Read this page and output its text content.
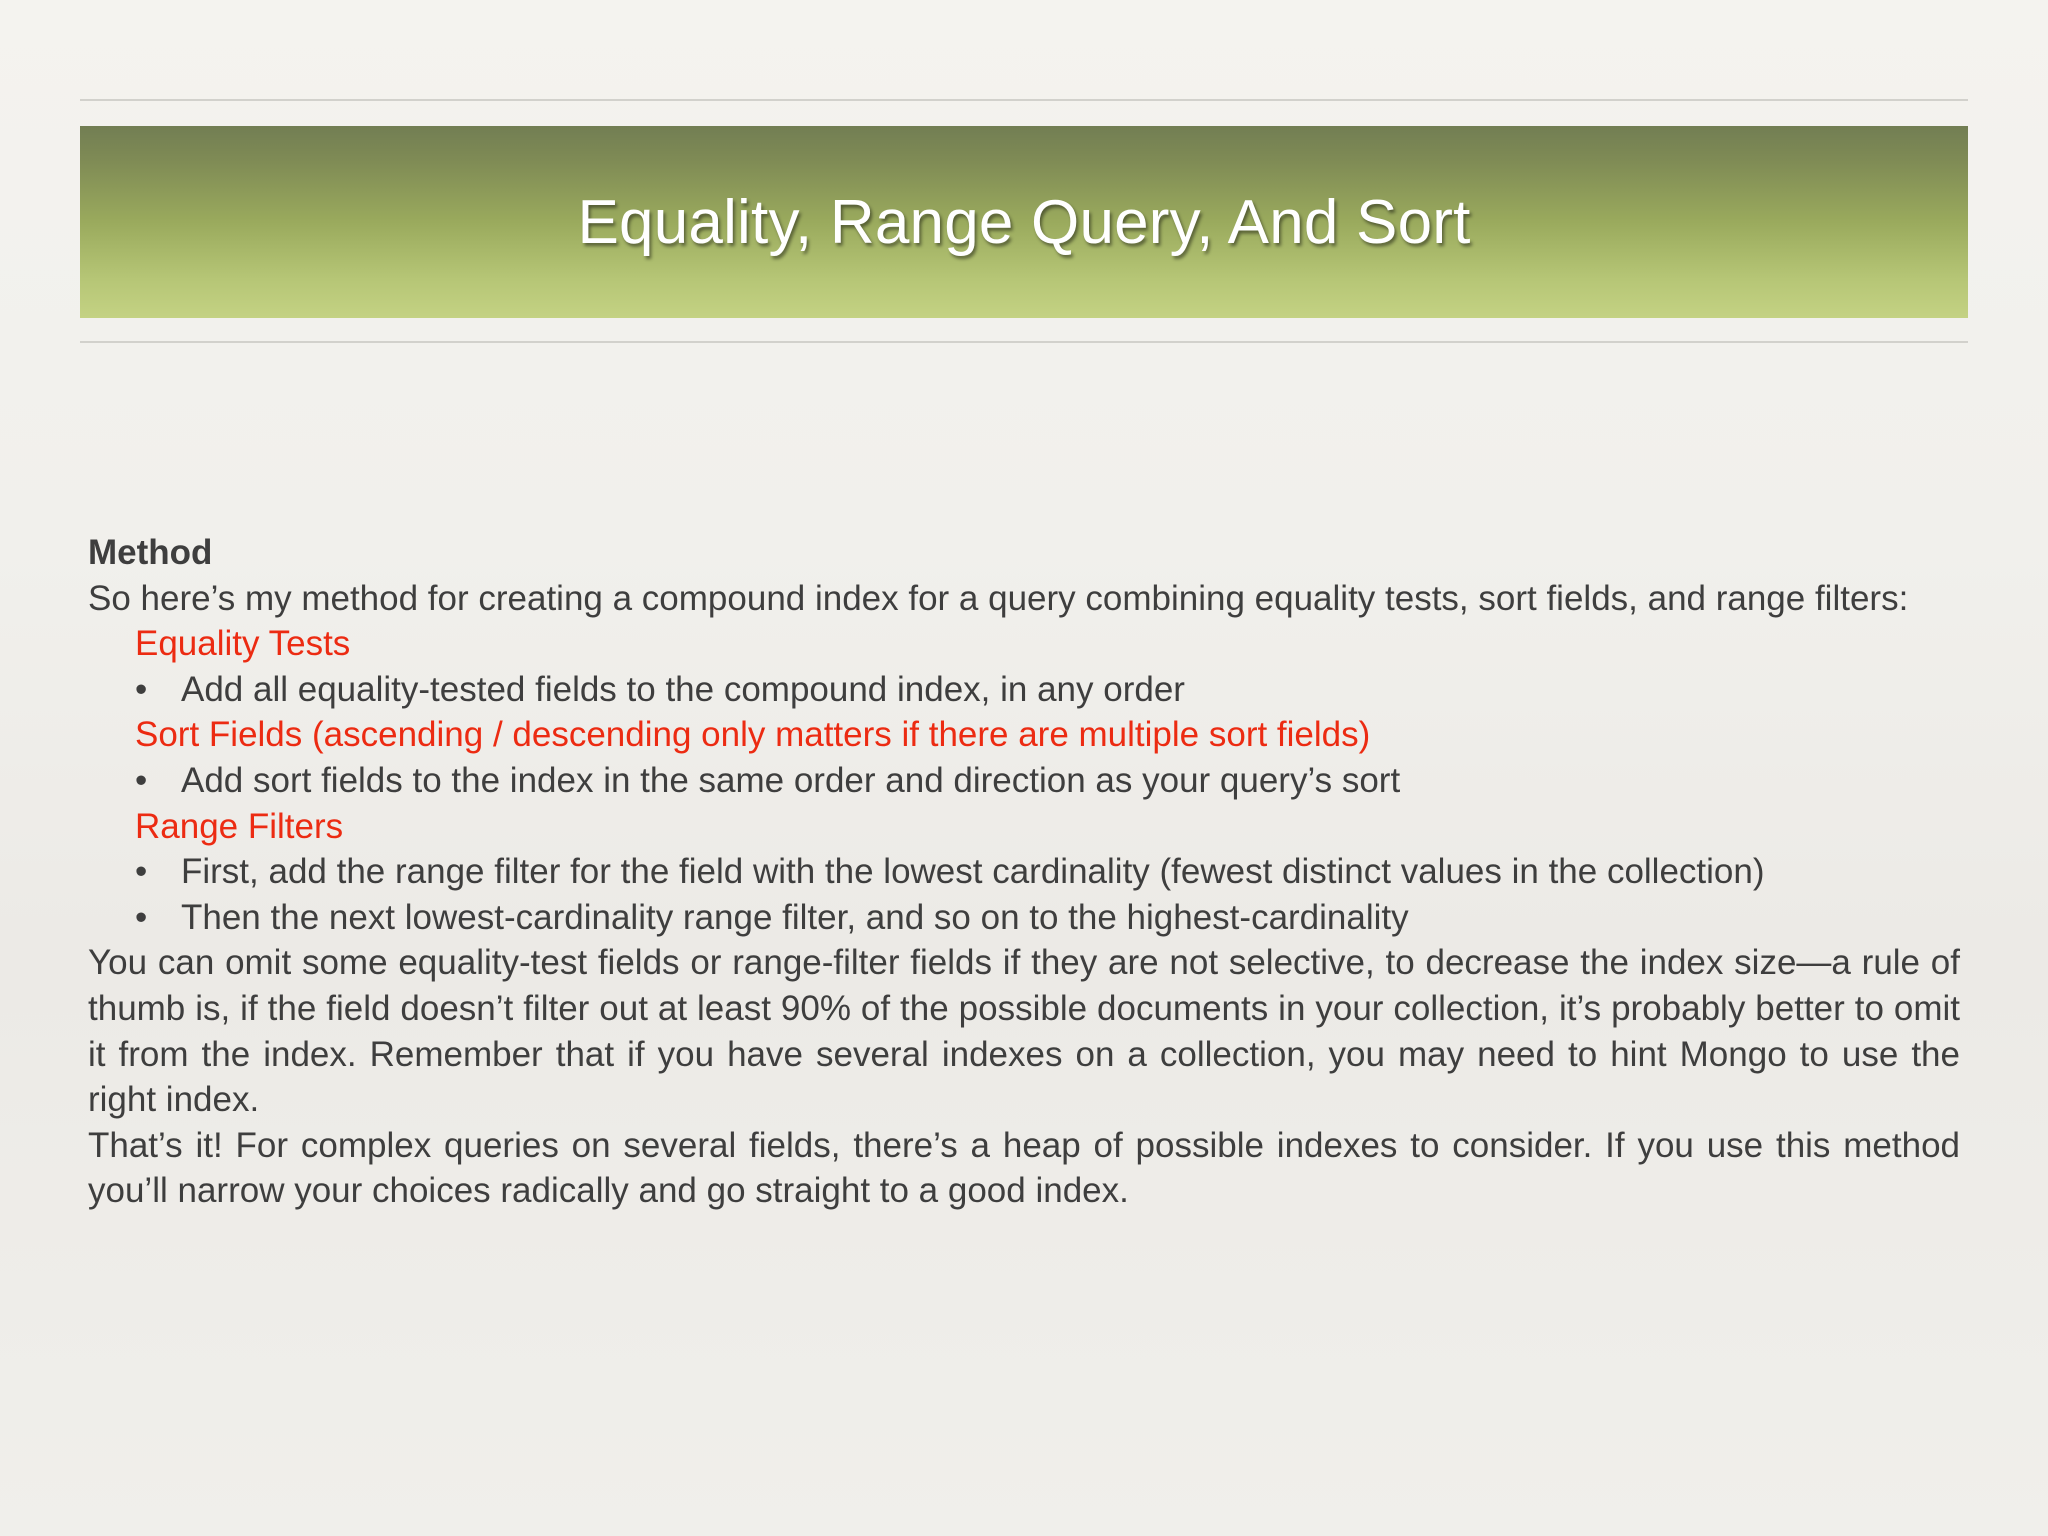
Equality, Range Query, And Sort

Method

So here’s my method for creating a compound index for a query combining equality tests, sort fields, and range filters:

Equality Tests

• Add all equality-tested fields to the compound index, in any order

Sort Fields (ascending / descending only matters if there are multiple sort fields)

• Add sort fields to the index in the same order and direction as your query’s sort

Range Filters

• First, add the range filter for the field with the lowest cardinality (fewest distinct values in the collection)

• Then the next lowest-cardinality range filter, and so on to the highest-cardinality

You can omit some equality-test fields or range-filter fields if they are not selective, to decrease the index size—a rule of thumb is, if the field doesn’t filter out at least 90% of the possible documents in your collection, it’s probably better to omit it from the index. Remember that if you have several indexes on a collection, you may need to hint Mongo to use the right index.

That’s it! For complex queries on several fields, there’s a heap of possible indexes to consider. If you use this method you’ll narrow your choices radically and go straight to a good index.
